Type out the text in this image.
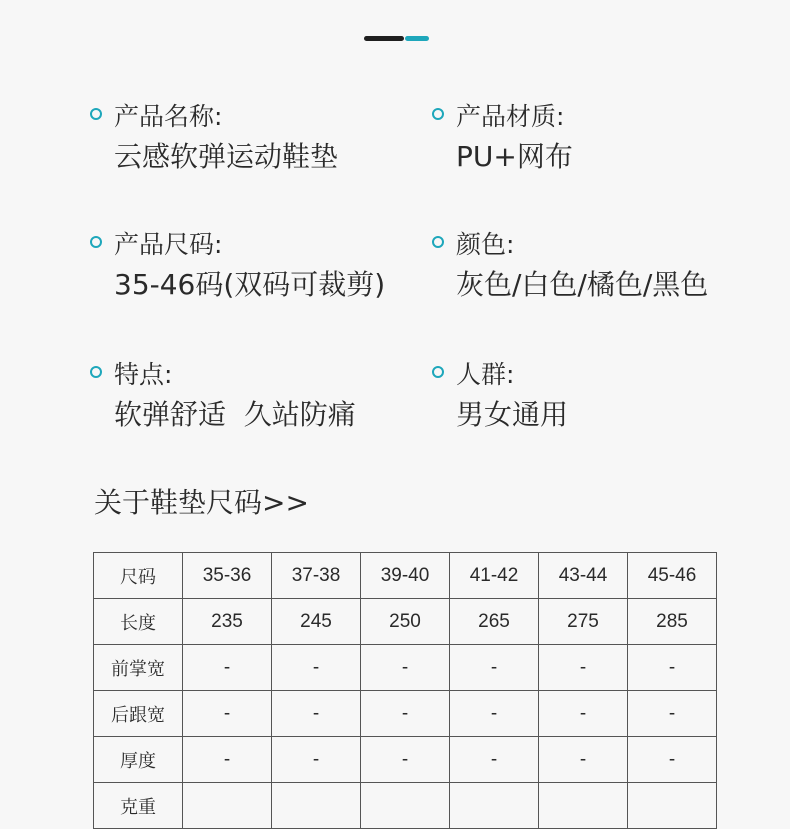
产品名称:
云感软弹运动鞋垫
产品材质:
PU+网布
产品尺码:
35-46码(双码可裁剪)
颜色:
灰色/白色/橘色/黑色
特点:
软弹舒适  久站防痛
人群:
男女通用
关于鞋垫尺码>>
尺码	35-36	37-38	39-40	41-42	43-44	45-46
长度	235	245	250	265	275	285
前掌宽	-	-	-	-	-	-
后跟宽	-	-	-	-	-	-
厚度	-	-	-	-	-	-
克重						
